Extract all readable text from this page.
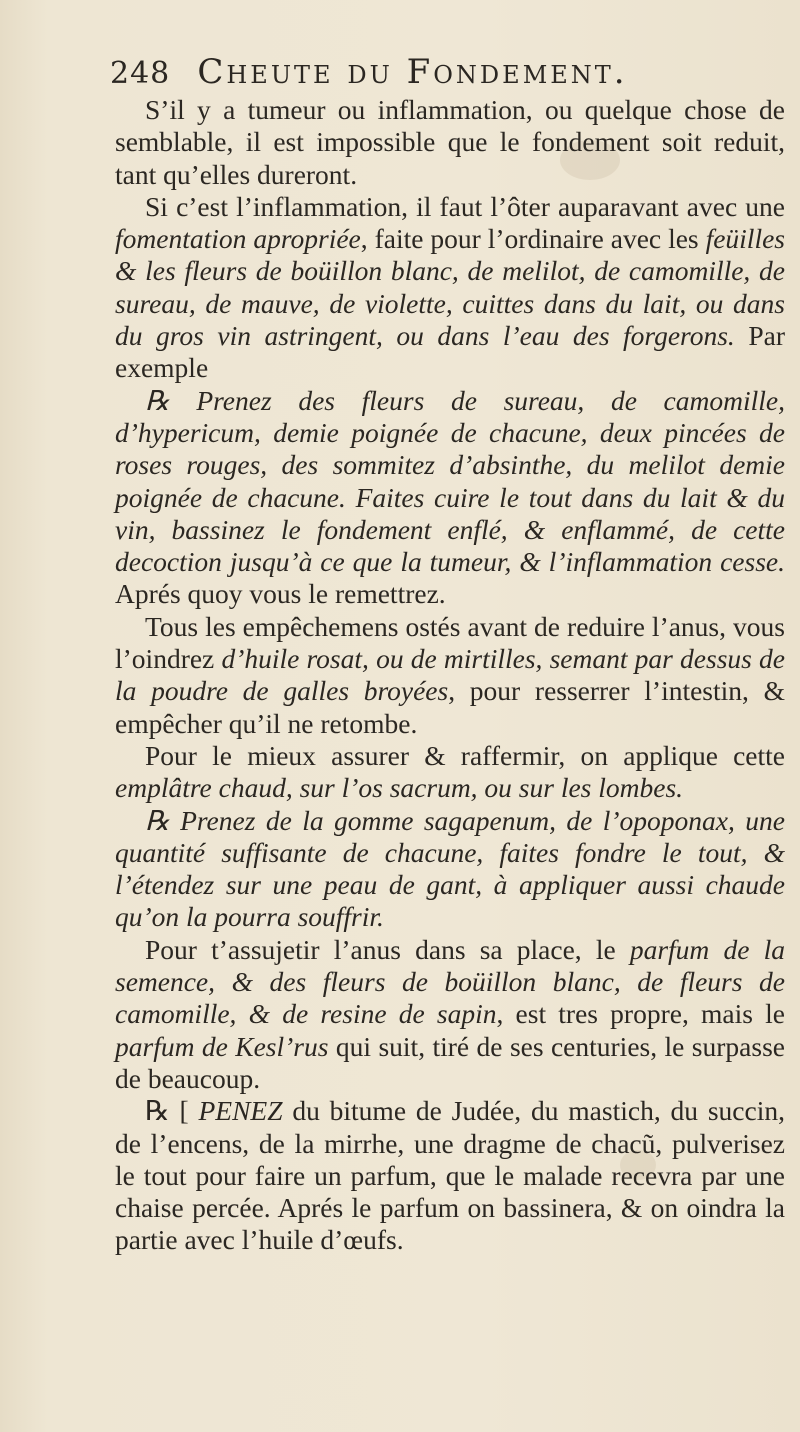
248 Cheute du Fondement.

S’il y a tumeur ou inflammation, ou quelque chose de semblable, il est impossible que le fondement soit reduit, tant qu’elles dureront.

Si c’est l’inflammation, il faut l’ôter auparavant avec une fomentation apropriée, faite pour l’ordinaire avec les feüilles & les fleurs de boüillon blanc, de melilot, de camomille, de sureau, de mauve, de violette, cuittes dans du lait, ou dans du gros vin astringent, ou dans l’eau des forgerons. Par exemple

℞ Prenez des fleurs de sureau, de camomille, d’hypericum, demie poignée de chacune, deux pincées de roses rouges, des sommitez d’absinthe, du melilot demie poignée de chacune. Faites cuire le tout dans du lait & du vin, bassinez le fondement enflé, & enflammé, de cette decoction jusqu’à ce que la tumeur, & l’inflammation cesse. Aprés quoy vous le remettrez.

Tous les empêchemens ostés avant de reduire l’anus, vous l’oindrez d’huile rosat, ou de mirtilles, semant par dessus de la poudre de galles broyées, pour resserrer l’intestin, & empêcher qu’il ne retombe.

Pour le mieux assurer & raffermir, on applique cette emplâtre chaud, sur l’os sacrum, ou sur les lombes.

℞ Prenez de la gomme sagapenum, de l’opoponax, une quantité suffisante de chacune, faites fondre le tout, & l’étendez sur une peau de gant, à appliquer aussi chaude qu’on la pourra souffrir.

Pour t’assujetir l’anus dans sa place, le parfum de la semence, & des fleurs de boüillon blanc, de fleurs de camomille, & de resine de sapin, est tres propre, mais le parfum de Kesl’rus qui suit, tiré de ses centuries, le surpasse de beaucoup.

℞ [ PENEZ du bitume de Judée, du mastich, du succin, de l’encens, de la mirrhe, une dragme de chacũ, pulverisez le tout pour faire un parfum, que le malade recevra par une chaise percée. Aprés le parfum on bassinera, & on oindra la partie avec l’huile d’œufs.
